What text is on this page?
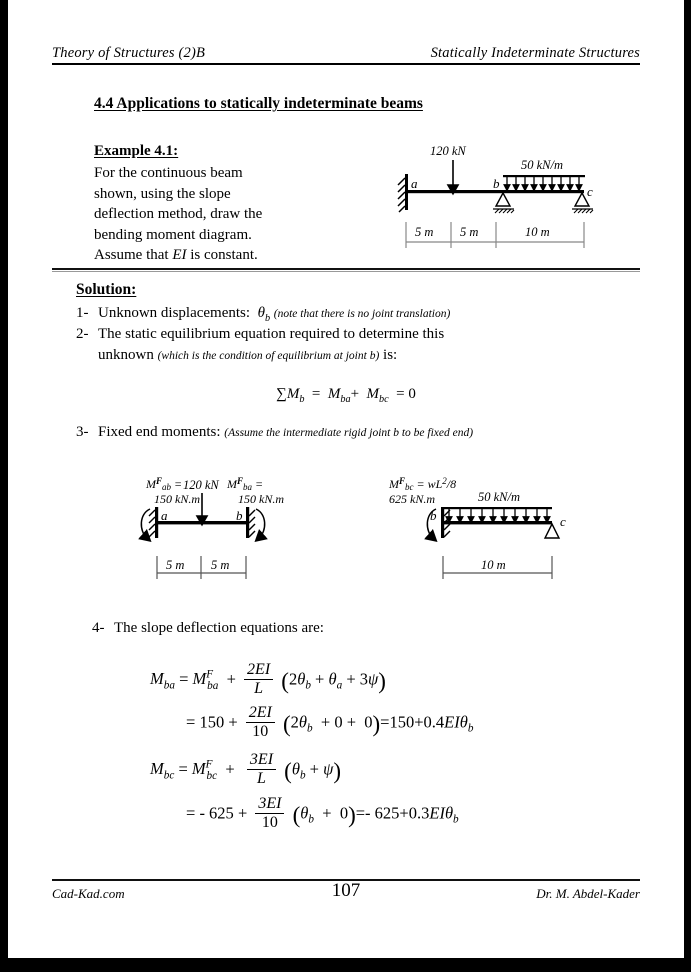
Theory of Structures (2)B	Statically Indeterminate Structures
4.4 Applications to statically indeterminate beams
Example 4.1:
For the continuous beam
shown, using the slope
deflection method, draw the
bending moment diagram.
Assume that EI is constant.
a
120 kN
50 kN/m
b
c
5 m 5 m	10 m
Solution:
1- Unknown displacements: $\theta_b$ (note that there is no joint translation)
2- The static equilibrium equation required to determine this
unknown (which is the condition of equilibrium at joint b) is:
$\sum M_b = M_{ba}+ M_{bc} = 0$
3- Fixed end moments: (Assume the intermediate rigid joint b to be fixed end)
$M^F_{ab}$ =
150 kN.m
$M^F_{ba}$ =
150 kN.m
a	b
120 kN
5 m 5 m
$M^F_{bc} = wL^2/8$
625 kN.m
b
50 kN/m
c
10 m
4- The slope deflection equations are:
$M_{ba} = M^F_{ba} + \frac{2EI}{L} (2\theta_b + \theta_a + 3\psi)$
= $150 + \frac{2EI}{10} (2\theta_b + 0 + 0)=150+0.4EI\theta_b$
$M_{bc} = M^F_{bc} + \frac{3EI}{L} (\theta_b + \psi)$
= - $625 + \frac{3EI}{10} (\theta_b + 0)=-$ 625+0.3EIθ$_b$
Cad-Kad.com	Dr. M. Abdel-Kader
107
